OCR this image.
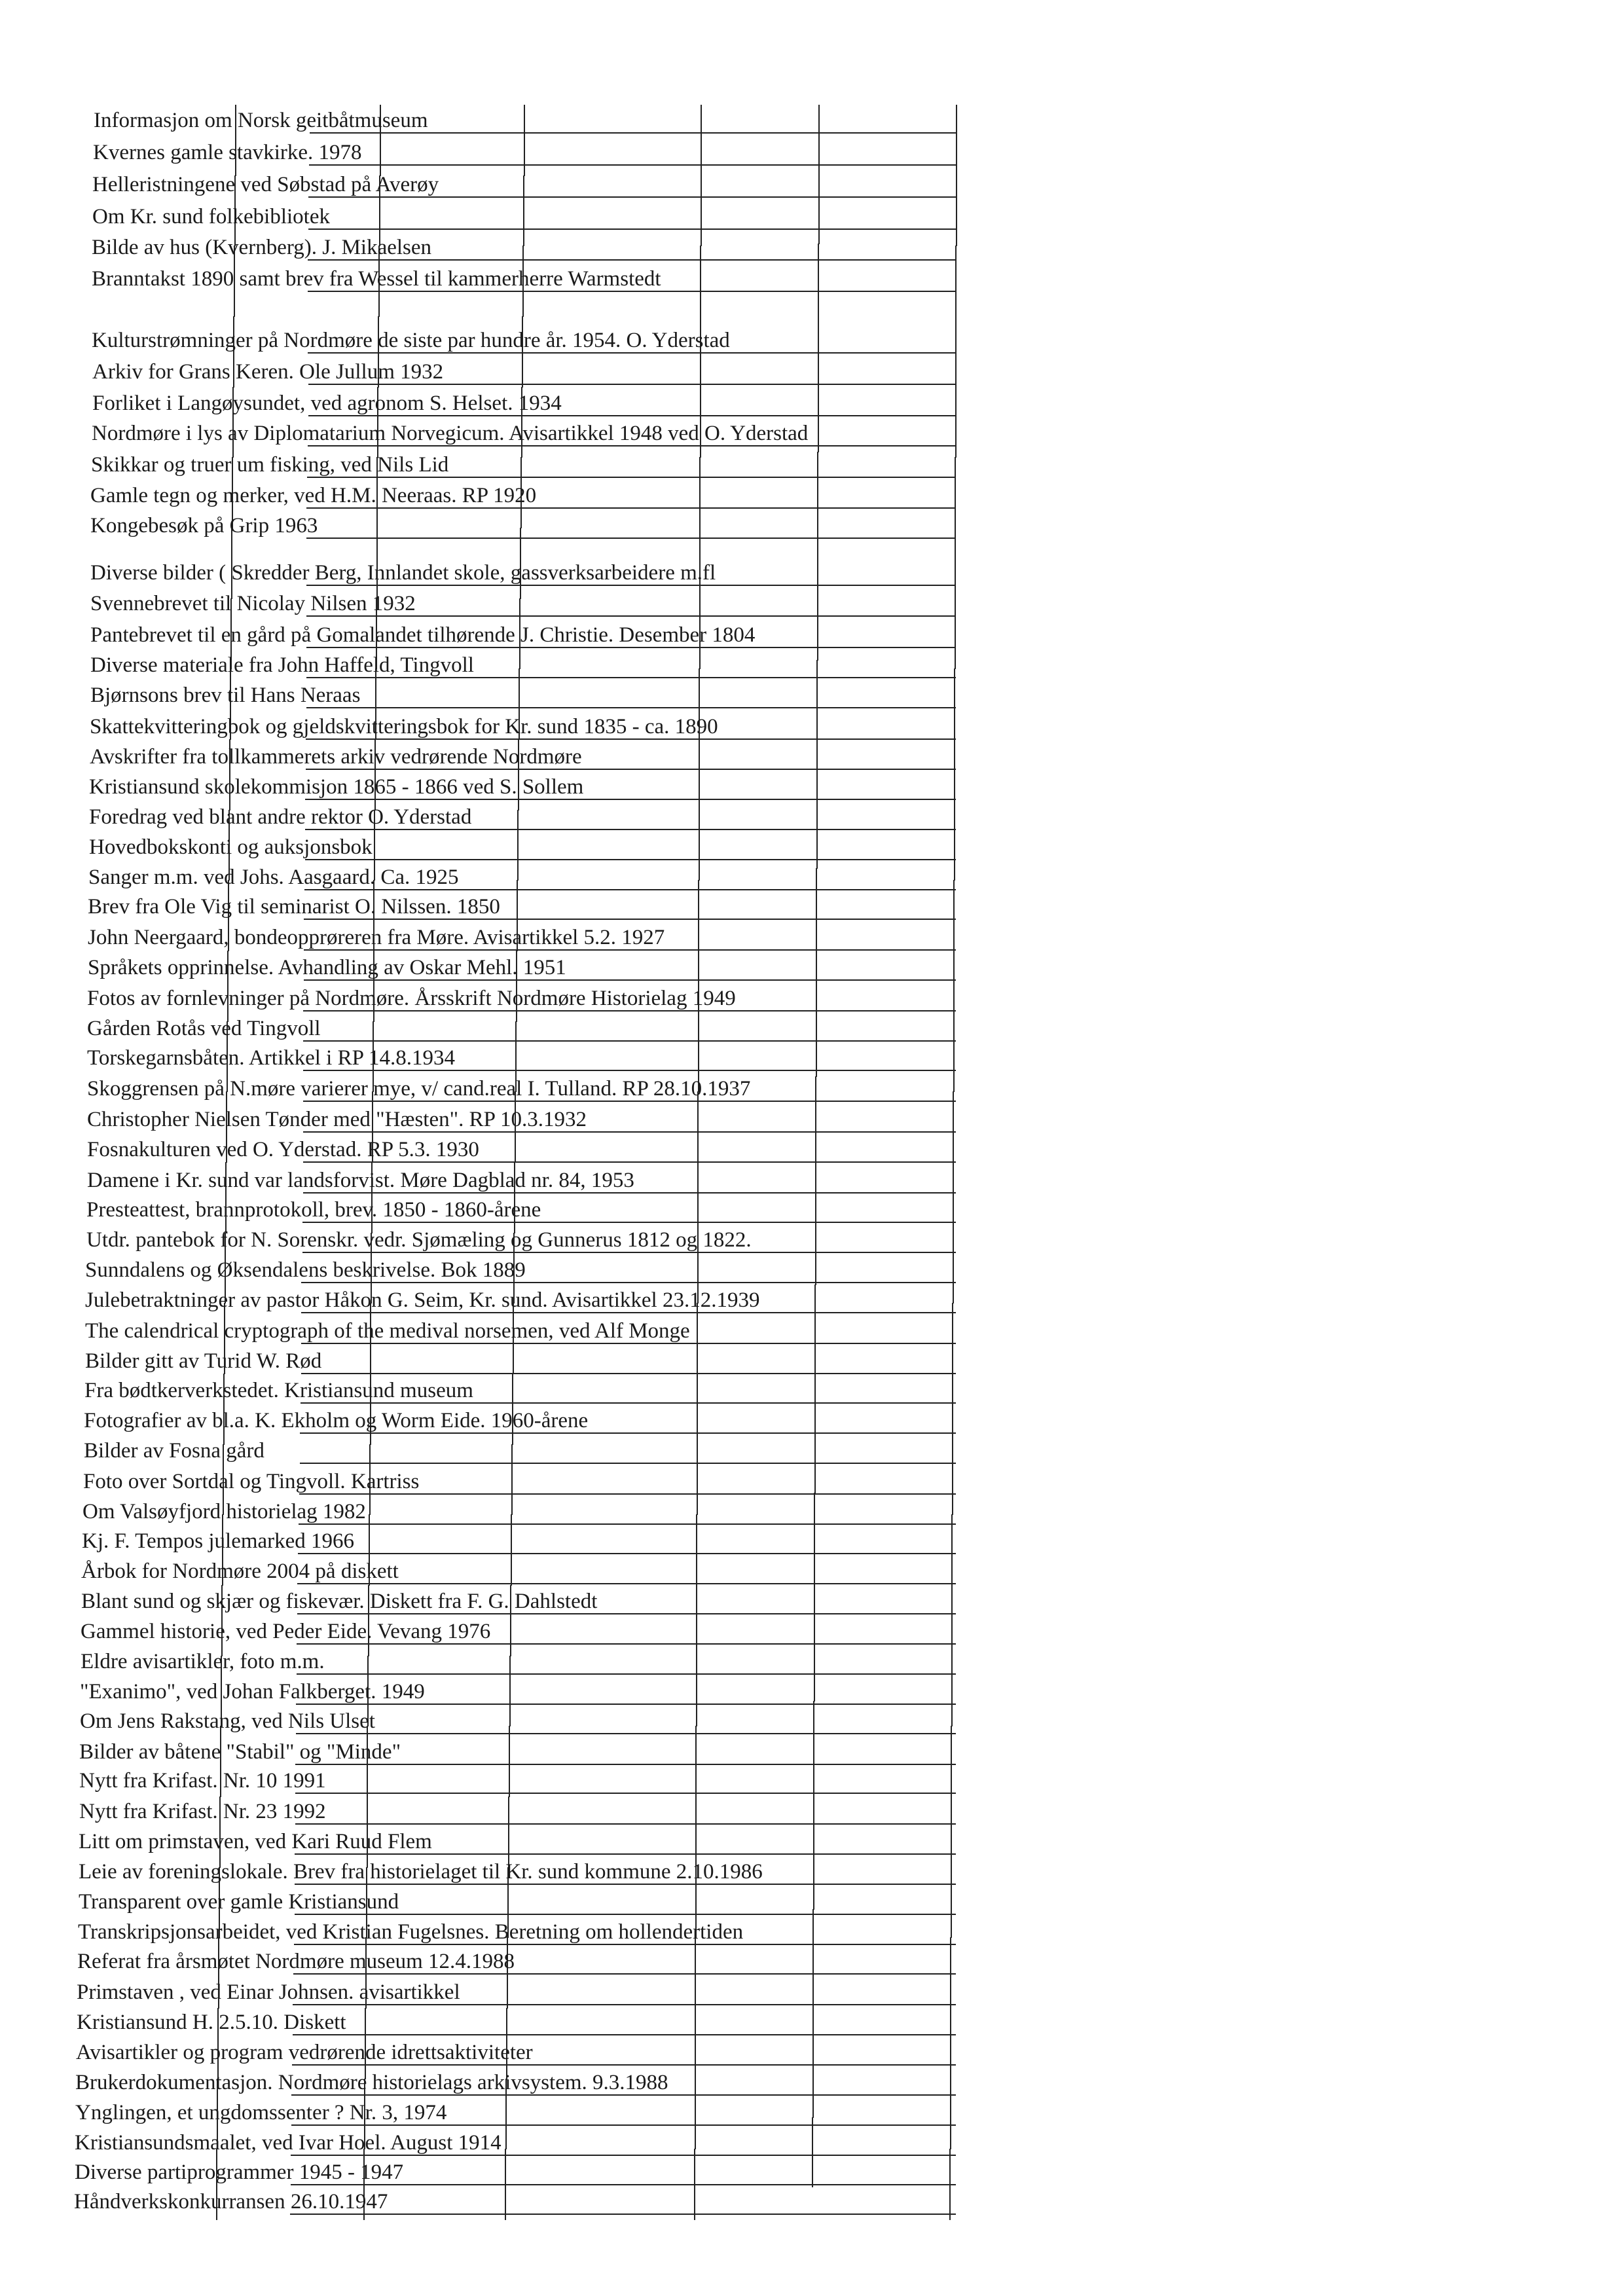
Informasjon om Norsk geitbåtmuseum
Kvernes gamle stavkirke. 1978
Helleristningene ved Søbstad på Averøy
Om Kr. sund folkebibliotek
Bilde av hus (Kvernberg). J. Mikaelsen
Branntakst 1890 samt brev fra Wessel til kammerherre Warmstedt
Kulturstrømninger på Nordmøre de siste par hundre år. 1954. O. Yderstad
Arkiv for Grans Keren. Ole Jullum 1932
Forliket i Langøysundet, ved agronom S. Helset. 1934
Nordmøre i lys av Diplomatarium Norvegicum. Avisartikkel 1948 ved O. Yderstad
Skikkar og truer um fisking, ved Nils Lid
Gamle tegn og merker, ved H.M. Neeraas. RP 1920
Kongebesøk på Grip 1963
Diverse bilder ( Skredder Berg, Innlandet skole, gassverksarbeidere m.fl
Svennebrevet til Nicolay Nilsen 1932
Pantebrevet til en gård på Gomalandet tilhørende J. Christie. Desember 1804
Diverse materiale fra John Haffeld, Tingvoll
Bjørnsons brev til Hans Neraas
Skattekvitteringbok og gjeldskvitteringsbok for Kr. sund 1835 - ca. 1890
Avskrifter fra tollkammerets arkiv vedrørende Nordmøre
Kristiansund skolekommisjon 1865 - 1866 ved S. Sollem
Foredrag ved blant andre rektor O. Yderstad
Hovedbokskonti og auksjonsbok
Sanger m.m. ved Johs. Aasgaard. Ca. 1925
Brev fra Ole Vig til seminarist O. Nilssen. 1850
John Neergaard, bondeopprøreren fra Møre. Avisartikkel 5.2. 1927
Språkets opprinnelse. Avhandling av Oskar Mehl. 1951
Fotos av fornlevninger på Nordmøre. Årsskrift Nordmøre Historielag 1949
Gården Rotås ved Tingvoll
Torskegarnsbåten. Artikkel i RP 14.8.1934
Skoggrensen på N.møre varierer mye, v/ cand.real I. Tulland. RP 28.10.1937
Christopher Nielsen Tønder med "Hæsten". RP 10.3.1932
Fosnakulturen ved O. Yderstad. RP 5.3. 1930
Damene i Kr. sund var landsforvist. Møre Dagblad nr. 84, 1953
Presteattest, brannprotokoll, brev. 1850 - 1860-årene
Utdr. pantebok for N. Sorenskr. vedr. Sjømæling og Gunnerus 1812 og 1822.
Sunndalens og Øksendalens beskrivelse. Bok 1889
Julebetraktninger av pastor Håkon G. Seim, Kr. sund. Avisartikkel 23.12.1939
The calendrical cryptograph of the medival norsemen, ved Alf Monge
Bilder gitt av Turid W. Rød
Fra bødtkerverkstedet. Kristiansund museum
Fotografier av bl.a. K. Ekholm og Worm Eide. 1960-årene
Bilder av Fosna gård
Foto over Sortdal og Tingvoll. Kartriss
Om Valsøyfjord historielag 1982
Kj. F. Tempos julemarked 1966
Årbok for Nordmøre 2004 på diskett
Blant sund og skjær og fiskevær. Diskett fra F. G. Dahlstedt
Gammel historie, ved Peder Eide. Vevang 1976
Eldre avisartikler, foto m.m.
"Exanimo", ved Johan Falkberget. 1949
Om Jens Rakstang, ved Nils Ulset
Bilder av båtene "Stabil" og "Minde"
Nytt fra Krifast. Nr. 10 1991
Nytt fra Krifast. Nr. 23 1992
Litt om primstaven, ved Kari Ruud Flem
Leie av foreningslokale. Brev fra historielaget til Kr. sund kommune 2.10.1986
Transparent over gamle Kristiansund
Transkripsjonsarbeidet, ved Kristian Fugelsnes. Beretning om hollendertiden
Referat fra årsmøtet Nordmøre museum 12.4.1988
Primstaven , ved Einar Johnsen. avisartikkel
Kristiansund H. 2.5.10. Diskett
Avisartikler og program vedrørende idrettsaktiviteter
Brukerdokumentasjon. Nordmøre historielags arkivsystem. 9.3.1988
Ynglingen, et ungdomssenter ? Nr. 3, 1974
Kristiansundsmaalet, ved Ivar Hoel. August 1914
Diverse partiprogrammer 1945 - 1947
Håndverkskonkurransen 26.10.1947
